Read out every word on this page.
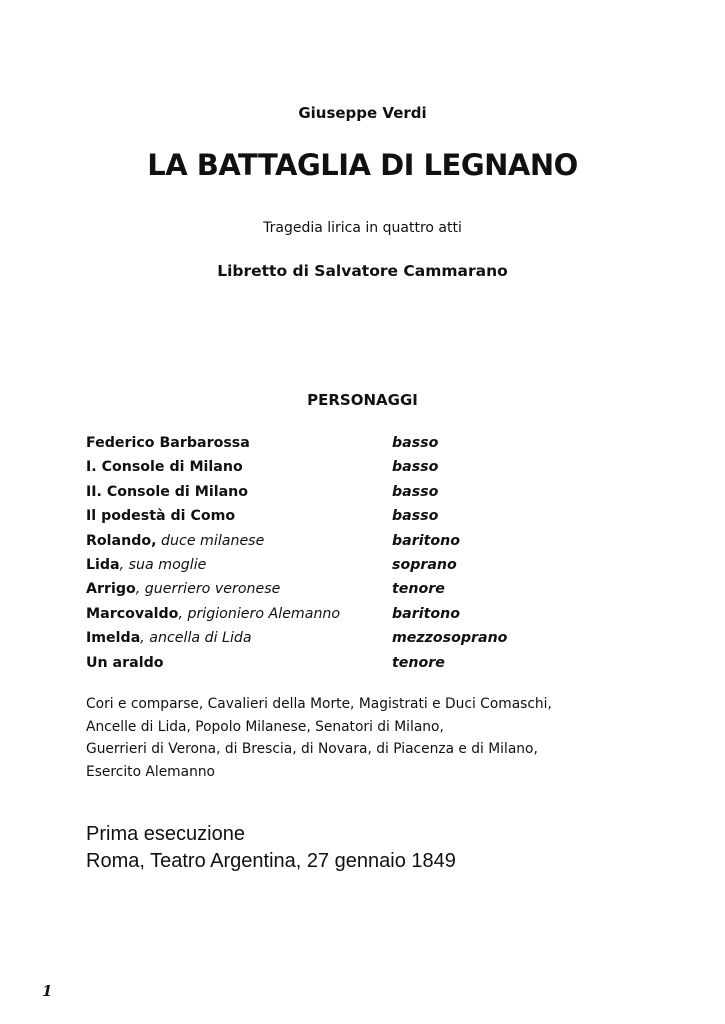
Giuseppe Verdi
LA BATTAGLIA DI LEGNANO
Tragedia lirica in quattro atti
Libretto di Salvatore Cammarano
PERSONAGGI
Federico Barbarossa	basso
I. Console di Milano	basso
II. Console di Milano	basso
Il podestà di Como	basso
Rolando, duce milanese	baritono
Lida, sua moglie	soprano
Arrigo, guerriero veronese	tenore
Marcovaldo, prigioniero Alemanno	baritono
Imelda, ancella di Lida	mezzosoprano
Un araldo	tenore
Cori e comparse, Cavalieri della Morte, Magistrati e Duci Comaschi,
Ancelle di Lida, Popolo Milanese, Senatori di Milano,
Guerrieri di Verona, di Brescia, di Novara, di Piacenza e di Milano,
Esercito Alemanno
Prima esecuzione
Roma, Teatro Argentina, 27 gennaio 1849
1
